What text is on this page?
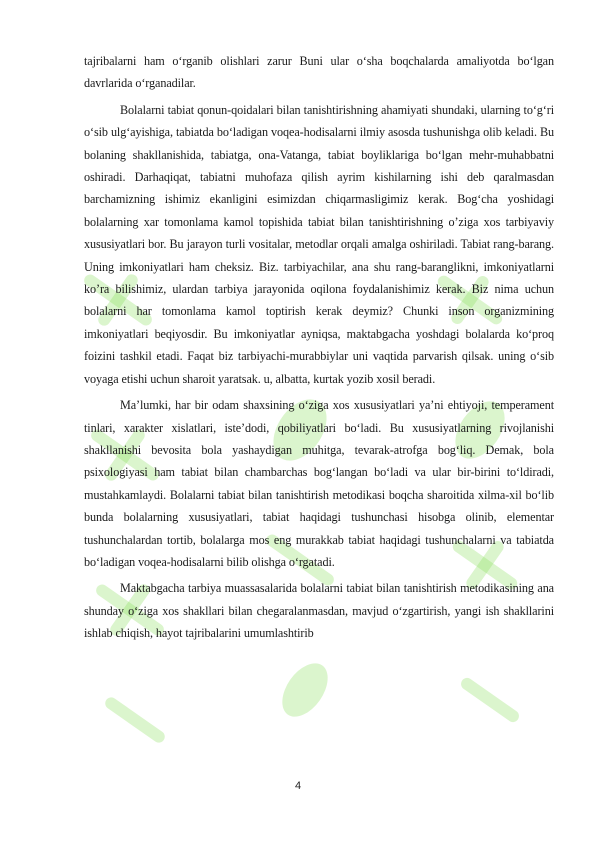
tajribalarni ham o‘rganib olishlari zarur Buni ular o‘sha boqchalarda amaliyotda bo‘lgan davrlarida o‘rganadilar.

Bolalarni tabiat qonun-qoidalari bilan tanishtirishning ahamiyati shundaki, ularning to‘g‘ri o‘sib ulg‘ayishiga, tabiatda bo‘ladigan voqea-hodisalarni ilmiy asosda tushunishga olib keladi. Bu bolaning shakllanishida, tabiatga, ona-Vatanga, tabiat boyliklariga bo‘lgan mehr-muhabbatni oshiradi. Darhaqiqat, tabiatni muhofaza qilish ayrim kishilarning ishi deb qaralmasdan barchamizning ishimiz ekanligini esimizdan chiqarmasligimiz kerak. Bog‘cha yoshidagi bolalarning xar tomonlama kamol topishida tabiat bilan tanishtirishning o’ziga xos tarbiyaviy xususiyatlari bor. Bu jarayon turli vositalar, metodlar orqali amalga oshiriladi. Tabiat rang-barang. Uning imkoniyatlari ham cheksiz. Biz. tarbiyachilar, ana shu rang-baranglikni, imkoniyatlarni ko’ra bilishimiz, ulardan tarbiya jarayonida oqilona foydalanishimiz kerak. Biz nima uchun bolalarni har tomonlama kamol toptirish kerak deymiz? Chunki inson organizmining imkoniyatlari beqiyosdir. Bu imkoniyatlar ayniqsa, maktabgacha yoshdagi bolalarda ko‘proq foizini tashkil etadi. Faqat biz tarbiyachi-murabbiylar uni vaqtida parvarish qilsak. uning o‘sib voyaga etishi uchun sharoit yaratsak. u, albatta, kurtak yozib xosil beradi.

Ma’lumki, har bir odam shaxsining o‘ziga xos xususiyatlari ya’ni ehtiyoji, temperament tinlari, xarakter xislatlari, iste’dodi, qobiliyatlari bo‘ladi. Bu xususiyatlarning rivojlanishi shakllanishi bevosita bola yashaydigan muhitga, tevarak-atrofga bog‘liq. Demak, bola psixologiyasi ham tabiat bilan chambarchas bog‘langan bo‘ladi va ular bir-birini to‘ldiradi, mustahkamlaydi. Bolalarni tabiat bilan tanishtirish metodikasi boqcha sharoitida xilma-xil bo‘lib bunda bolalarning xususiyatlari, tabiat haqidagi tushunchasi hisobga olinib, elementar tushunchalardan tortib, bolalarga mos eng murakkab tabiat haqidagi tushunchalarni va tabiatda bo‘ladigan voqea-hodisalarni bilib olishga o‘rgatadi.

Maktabgacha tarbiya muassasalarida bolalarni tabiat bilan tanishtirish metodikasining ana shunday o‘ziga xos shakllari bilan chegaralanmasdan, mavjud o‘zgartirish, yangi ish shakllarini ishlab chiqish, hayot tajribalarini umumlashtirib

4
